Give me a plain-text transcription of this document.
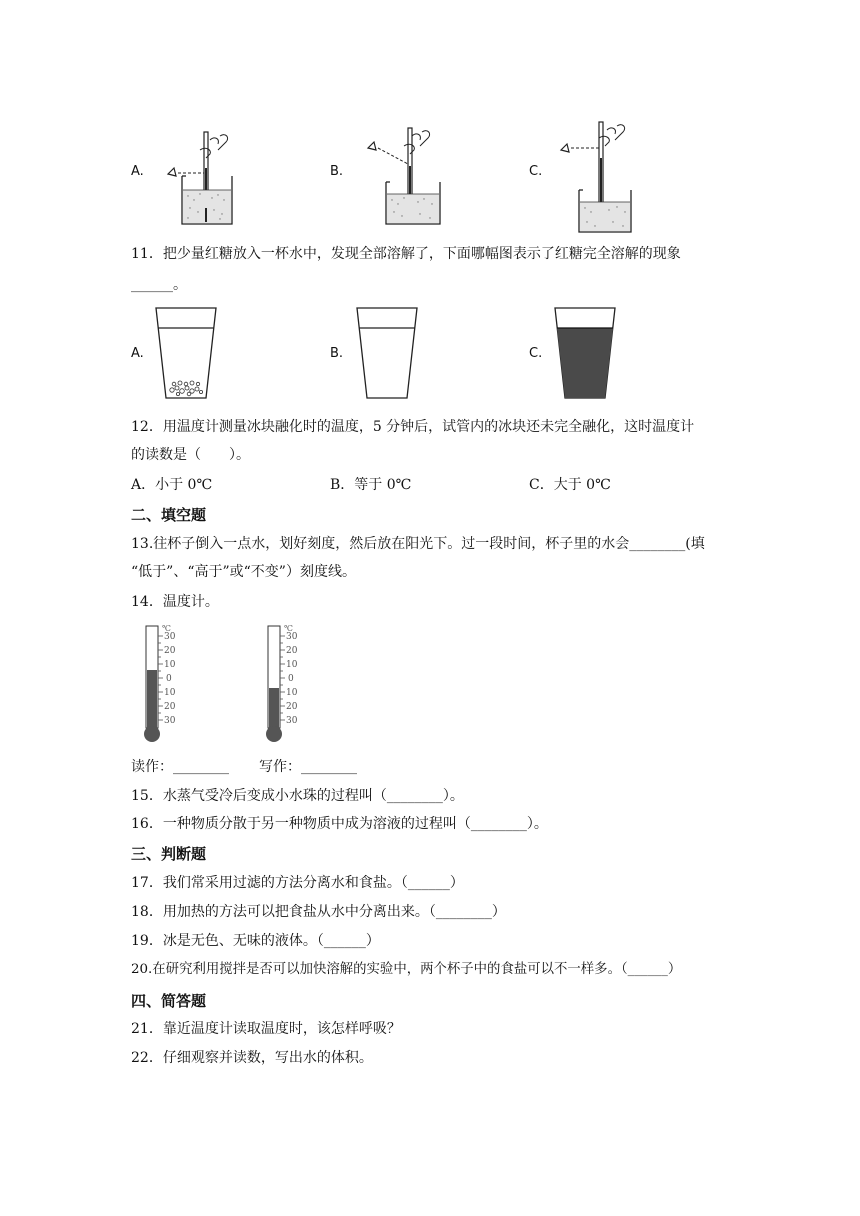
A.	B.	C.
11．把少量红糖放入一杯水中，发现全部溶解了，下面哪幅图表示了红糖完全溶解的现象
______。
A.	B.	C.
12．用温度计测量冰块融化时的温度，5 分钟后，试管内的冰块还未完全融化，这时温度计
的读数是（　　）。
A．小于 0℃	B．等于 0℃	C．大于 0℃
二、填空题
13.往杯子倒入一点水，划好刻度，然后放在阳光下。过一段时间，杯子里的水会________(填
“低于”、“高于”或“不变”）刻度线。
14．温度计。
℃
30
20
10
0
10
20
30
℃
30
20
10
0
10
20
30
读作：________ 写作：________
15．水蒸气受冷后变成小水珠的过程叫（________）。
16．一种物质分散于另一种物质中成为溶液的过程叫（________）。
三、判断题
17．我们常采用过滤的方法分离水和食盐。（______）
18．用加热的方法可以把食盐从水中分离出来。（________）
19．冰是无色、无味的液体。（______）
20.在研究利用搅拌是否可以加快溶解的实验中，两个杯子中的食盐可以不一样多。（______）
四、简答题
21．靠近温度计读取温度时，该怎样呼吸？
22．仔细观察并读数，写出水的体积。
